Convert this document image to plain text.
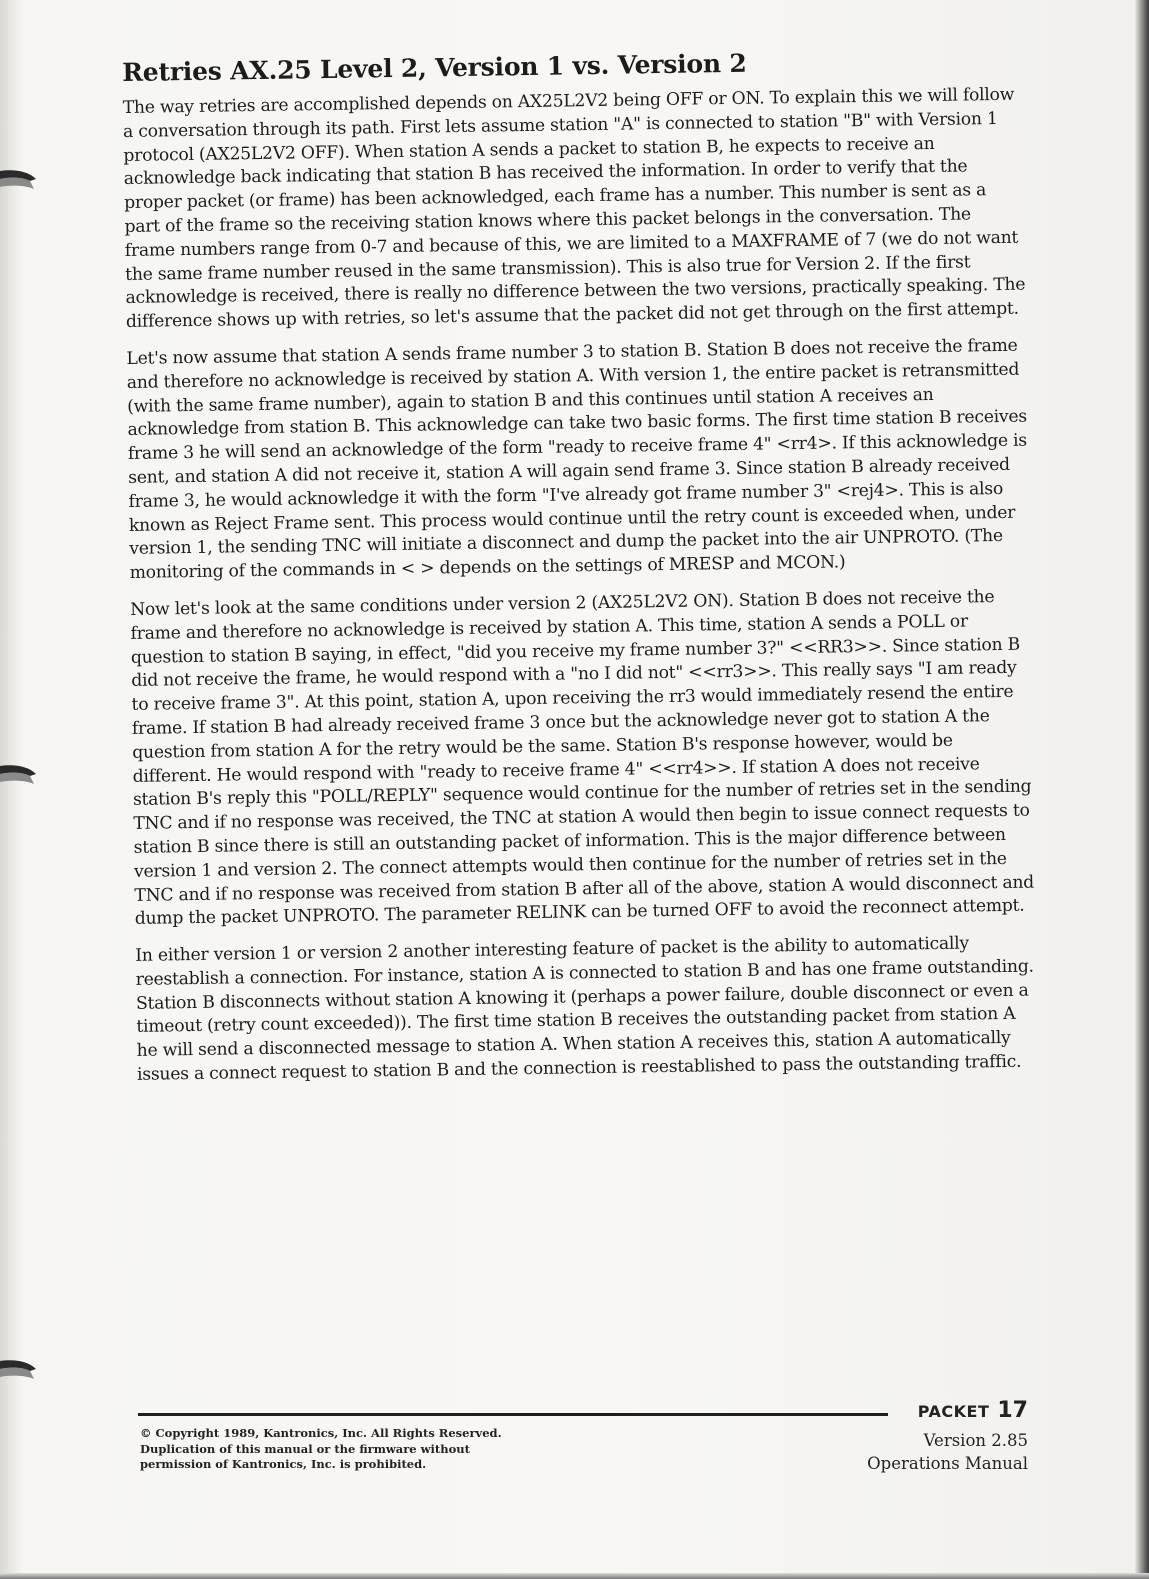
Retries AX.25 Level 2, Version 1 vs. Version 2

The way retries are accomplished depends on AX25L2V2 being OFF or ON. To explain this we will follow a conversation through its path. First lets assume station "A" is connected to station "B" with Version 1 protocol (AX25L2V2 OFF). When station A sends a packet to station B, he expects to receive an acknowledge back indicating that station B has received the information. In order to verify that the proper packet (or frame) has been acknowledged, each frame has a number. This number is sent as a part of the frame so the receiving station knows where this packet belongs in the conversation. The frame numbers range from 0-7 and because of this, we are limited to a MAXFRAME of 7 (we do not want the same frame number reused in the same transmission). This is also true for Version 2. If the first acknowledge is received, there is really no difference between the two versions, practically speaking. The difference shows up with retries, so let's assume that the packet did not get through on the first attempt.

Let's now assume that station A sends frame number 3 to station B. Station B does not receive the frame and therefore no acknowledge is received by station A. With version 1, the entire packet is retransmitted (with the same frame number), again to station B and this continues until station A receives an acknowledge from station B. This acknowledge can take two basic forms. The first time station B receives frame 3 he will send an acknowledge of the form "ready to receive frame 4" <rr4>. If this acknowledge is sent, and station A did not receive it, station A will again send frame 3. Since station B already received frame 3, he would acknowledge it with the form "I've already got frame number 3" <rej4>. This is also known as Reject Frame sent. This process would continue until the retry count is exceeded when, under version 1, the sending TNC will initiate a disconnect and dump the packet into the air UNPROTO. (The monitoring of the commands in < > depends on the settings of MRESP and MCON.)

Now let's look at the same conditions under version 2 (AX25L2V2 ON). Station B does not receive the frame and therefore no acknowledge is received by station A. This time, station A sends a POLL or question to station B saying, in effect, "did you receive my frame number 3?" <<RR3>>. Since station B did not receive the frame, he would respond with a "no I did not" <<rr3>>. This really says "I am ready to receive frame 3". At this point, station A, upon receiving the rr3 would immediately resend the entire frame. If station B had already received frame 3 once but the acknowledge never got to station A the question from station A for the retry would be the same. Station B's response however, would be different. He would respond with "ready to receive frame 4" <<rr4>>. If station A does not receive station B's reply this "POLL/REPLY" sequence would continue for the number of retries set in the sending TNC and if no response was received, the TNC at station A would then begin to issue connect requests to station B since there is still an outstanding packet of information. This is the major difference between version 1 and version 2. The connect attempts would then continue for the number of retries set in the TNC and if no response was received from station B after all of the above, station A would disconnect and dump the packet UNPROTO. The parameter RELINK can be turned OFF to avoid the reconnect attempt.

In either version 1 or version 2 another interesting feature of packet is the ability to automatically reestablish a connection. For instance, station A is connected to station B and has one frame outstanding. Station B disconnects without station A knowing it (perhaps a power failure, double disconnect or even a timeout (retry count exceeded)). The first time station B receives the outstanding packet from station A he will send a disconnected message to station A. When station A receives this, station A automatically issues a connect request to station B and the connection is reestablished to pass the outstanding traffic.

© Copyright 1989, Kantronics, Inc. All Rights Reserved.
Duplication of this manual or the firmware without
permission of Kantronics, Inc. is prohibited.
PACKET 17
Version 2.85
Operations Manual
